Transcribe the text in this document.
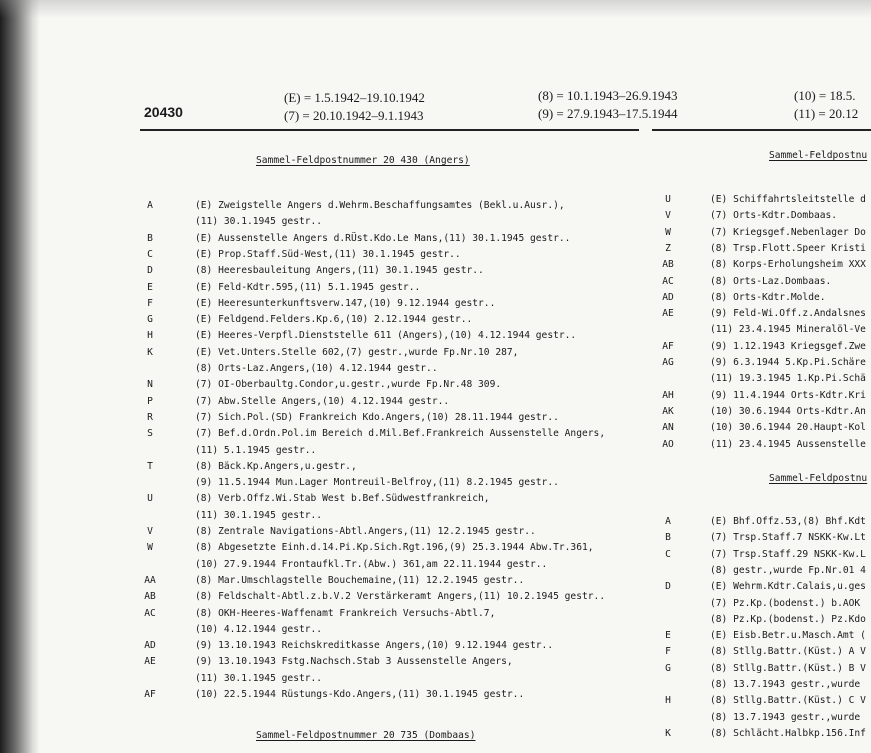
20430
(E) = 1.5.1942–19.10.1942
(7) = 20.10.1942–9.1.1943
(8) = 10.1.1943–26.9.1943
(9) = 27.9.1943–17.5.1944
(10) = 18.5.
(11) = 20.12
Sammel-Feldpostnummer 20 430 (Angers)
A	(E) Zweigstelle Angers d.Wehrm.Beschaffungsamtes (Bekl.u.Ausr.),
(11) 30.1.1945 gestr..
B	(E) Aussenstelle Angers d.RÜst.Kdo.Le Mans,(11) 30.1.1945 gestr..
C	(E) Prop.Staff.Süd-West,(11) 30.1.1945 gestr..
D	(8) Heeresbauleitung Angers,(11) 30.1.1945 gestr..
E	(E) Feld-Kdtr.595,(11) 5.1.1945 gestr..
F	(E) Heeresunterkunftsverw.147,(10) 9.12.1944 gestr..
G	(E) Feldgend.Felders.Kp.6,(10) 2.12.1944 gestr..
H	(E) Heeres-Verpfl.Dienststelle 611 (Angers),(10) 4.12.1944 gestr..
K	(E) Vet.Unters.Stelle 602,(7) gestr.,wurde Fp.Nr.10 287,
(8) Orts-Laz.Angers,(10) 4.12.1944 gestr..
N	(7) OI-Oberbaultg.Condor,u.gestr.,wurde Fp.Nr.48 309.
P	(7) Abw.Stelle Angers,(10) 4.12.1944 gestr..
R	(7) Sich.Pol.(SD) Frankreich Kdo.Angers,(10) 28.11.1944 gestr..
S	(7) Bef.d.Ordn.Pol.im Bereich d.Mil.Bef.Frankreich Aussenstelle Angers,
(11) 5.1.1945 gestr..
T	(8) Bäck.Kp.Angers,u.gestr.,
(9) 11.5.1944 Mun.Lager Montreuil-Belfroy,(11) 8.2.1945 gestr..
U	(8) Verb.Offz.Wi.Stab West b.Bef.Südwestfrankreich,
(11) 30.1.1945 gestr..
V	(8) Zentrale Navigations-Abtl.Angers,(11) 12.2.1945 gestr..
W	(8) Abgesetzte Einh.d.14.Pi.Kp.Sich.Rgt.196,(9) 25.3.1944 Abw.Tr.361,
(10) 27.9.1944 Frontaufkl.Tr.(Abw.) 361,am 22.11.1944 gestr..
AA	(8) Mar.Umschlagstelle Bouchemaine,(11) 12.2.1945 gestr..
AB	(8) Feldschalt-Abtl.z.b.V.2 Verstärkeramt Angers,(11) 10.2.1945 gestr..
AC	(8) OKH-Heeres-Waffenamt Frankreich Versuchs-Abtl.7,
(10) 4.12.1944 gestr..
AD	(9) 13.10.1943 Reichskreditkasse Angers,(10) 9.12.1944 gestr..
AE	(9) 13.10.1943 Fstg.Nachsch.Stab 3 Aussenstelle Angers,
(11) 30.1.1945 gestr..
AF	(10) 22.5.1944 Rüstungs-Kdo.Angers,(11) 30.1.1945 gestr..
Sammel-Feldpostnummer 20 735 (Dombaas)
Sammel-Feldpostnu
U	(E) Schiffahrtsleitstelle d
V	(7) Orts-Kdtr.Dombaas.
W	(7) Kriegsgef.Nebenlager Do
Z	(8) Trsp.Flott.Speer Kristi
AB	(8) Korps-Erholungsheim XXX
AC	(8) Orts-Laz.Dombaas.
AD	(8) Orts-Kdtr.Molde.
AE	(9) Feld-Wi.Off.z.Andalsnes
(11) 23.4.1945 Mineralöl-Ve
AF	(9) 1.12.1943 Kriegsgef.Zwe
AG	(9) 6.3.1944 5.Kp.Pi.Schäre
(11) 19.3.1945 1.Kp.Pi.Schä
AH	(9) 11.4.1944 Orts-Kdtr.Kri
AK	(10) 30.6.1944 Orts-Kdtr.An
AN	(10) 30.6.1944 20.Haupt-Kol
AO	(11) 23.4.1945 Aussenstelle
Sammel-Feldpostnu
A	(E) Bhf.Offz.53,(8) Bhf.Kdt
B	(7) Trsp.Staff.7 NSKK-Kw.Lt
C	(7) Trsp.Staff.29 NSKK-Kw.L
(8) gestr.,wurde Fp.Nr.01 4
D	(E) Wehrm.Kdtr.Calais,u.ges
(7) Pz.Kp.(bodenst.) b.AOK
(8) Pz.Kp.(bodenst.) Pz.Kdo
E	(E) Eisb.Betr.u.Masch.Amt (
F	(8) Stllg.Battr.(Küst.) A V
G	(8) Stllg.Battr.(Küst.) B V
(8) 13.7.1943 gestr.,wurde
H	(8) Stllg.Battr.(Küst.) C V
(8) 13.7.1943 gestr.,wurde
K	(8) Schlächt.Halbkp.156.Inf
